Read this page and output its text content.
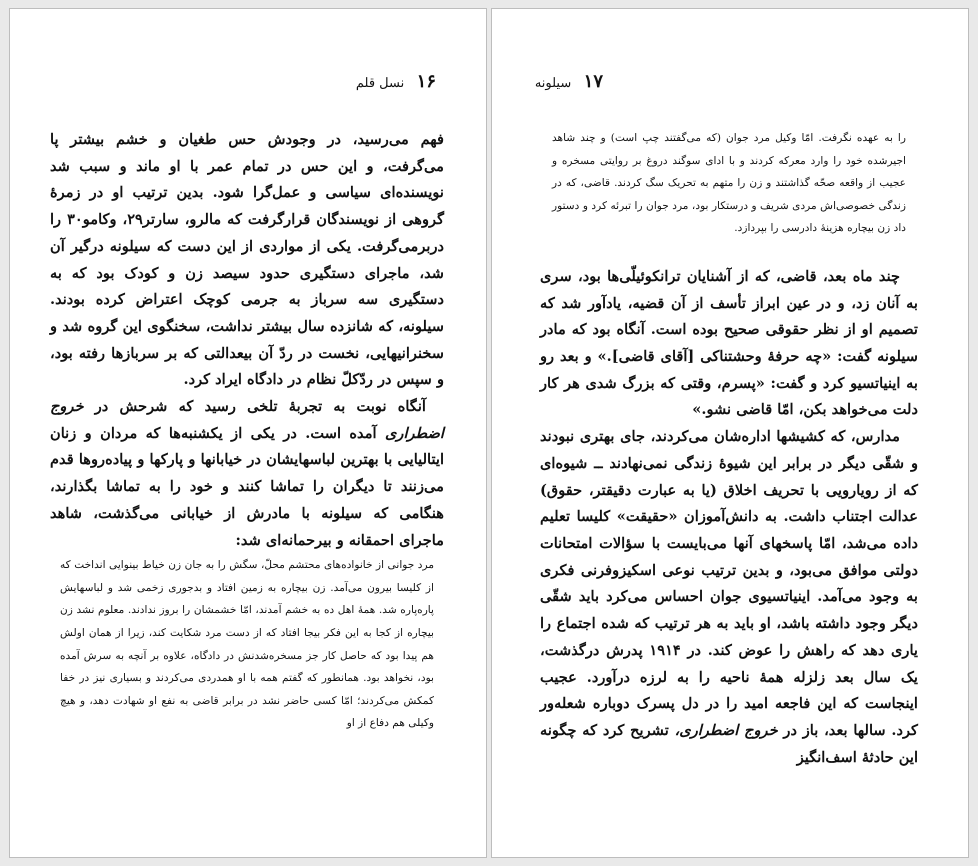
۱۶   نسل قلم

فهم می‌رسید، در وجودش حس طغیان و خشم بیشتر پا می‌گرفت، و این حس در تمام عمر با او ماند و سبب شد نویسنده‌ای سیاسی و عمل‌گرا شود. بدین ترتیب او در زمرهٔ گروهی از نویسندگان قرارگرفت که مالرو، سارتر۲۹، وکامو۳۰ را دربرمی‌گرفت. یکی از مواردی از این دست که سیلونه درگیر آن شد، ماجرای دستگیری حدود سیصد زن و کودک بود که به دستگیری سه سرباز به جرمی کوچک اعتراض کرده بودند. سیلونه، که شانزده سال بیشتر نداشت، سخنگوی این گروه شد و سخنرانیهایی، نخست در ردّ آن بیعدالتی که بر سربازها رفته بود، و سپس در ردّکلّ نظام در دادگاه ایراد کرد.

آنگاه نوبت به تجربهٔ تلخی رسید که شرحش در خروج اضطراری آمده است. در یکی از یکشنبه‌ها که مردان و زنان ایتالیایی با بهترین لباسهایشان در خیابانها و پارکها و پیاده‌روها قدم می‌زنند تا دیگران را تماشا کنند و خود را به تماشا بگذارند، هنگامی که سیلونه با مادرش از خیابانی می‌گذشت، شاهد ماجرای احمقانه و بیرحمانه‌ای شد:

مرد جوانی از خانواده‌های محتشم محلّ، سگش را به جان زن خیاط بینوایی انداخت که از کلیسا بیرون می‌آمد. زن بیچاره به زمین افتاد و بدجوری زخمی شد و لباسهایش پاره‌پاره شد. همهٔ اهل ده به خشم آمدند، امّا خشمشان را بروز ندادند. معلوم نشد زن بیچاره از کجا به این فکر بیجا افتاد که از دست مرد شکایت کند، زیرا از همان اولش هم پیدا بود که حاصل کار جز مسخره‌شدنش در دادگاه، علاوه بر آنچه به سرش آمده بود، نخواهد بود. همانطور که گفتم همه با او همدردی می‌کردند و بسیاری نیز در خفا کمکش می‌کردند؛ امّا کسی حاضر نشد در برابر قاضی به نفع او شهادت دهد، و هیچ وکیلی هم دفاع از او

۱۷   سیلونه

را به عهده نگرفت. امّا وکیل مرد جوان (که می‌گفتند چپ است) و چند شاهد اجیرشده خود را وارد معرکه کردند و با ادای سوگند دروغ بر روایتی مسخره و عجیب از واقعه صحّه گذاشتند و زن را متهم به تحریک سگ کردند. قاضی، که در زندگی خصوصی‌اش مردی شریف و درستکار بود، مرد جوان را تبرئه کرد و دستور داد زن بیچاره هزینهٔ دادرسی را بپردازد.

چند ماه بعد، قاضی، که از آشنایان ترانکوئیلّی‌ها بود، سری به آنان زد، و در عین ابراز تأسف از آن قضیه، یادآور شد که تصمیم او از نظر حقوقی صحیح بوده است. آنگاه بود که مادر سیلونه گفت: «چه حرفهٔ وحشتناکی [آقای قاضی].» و بعد رو به اینیاتسیو کرد و گفت: «پسرم، وقتی که بزرگ شدی هر کار دلت می‌خواهد بکن، امّا قاضی نشو.»

مدارس، که کشیشها اداره‌شان می‌کردند، جای بهتری نبودند و شقّی دیگر در برابر این شیوهٔ زندگی نمی‌نهادند ــ شیوه‌ای که از رویارویی با تحریف اخلاق (یا به عبارت دقیقتر، حقوق) عدالت اجتناب داشت. به دانش‌آموزان «حقیقت» کلیسا تعلیم داده می‌شد، امّا پاسخهای آنها می‌بایست با سؤالات امتحانات دولتی موافق می‌بود، و بدین ترتیب نوعی اسکیزوفرنی فکری به وجود می‌آمد. اینیاتسیوی جوان احساس می‌کرد باید شقّی دیگر وجود داشته باشد، او باید به هر ترتیب که شده اجتماع را یاری دهد که راهش را عوض کند. در ۱۹۱۴ پدرش درگذشت، یک سال بعد زلزله همهٔ ناحیه را به لرزه درآورد. عجیب اینجاست که این فاجعه امید را در دل پسرک دوباره شعله‌ور کرد. سالها بعد، باز در خروج اضطراری، تشریح کرد که چگونه این حادثهٔ اسف‌انگیز
